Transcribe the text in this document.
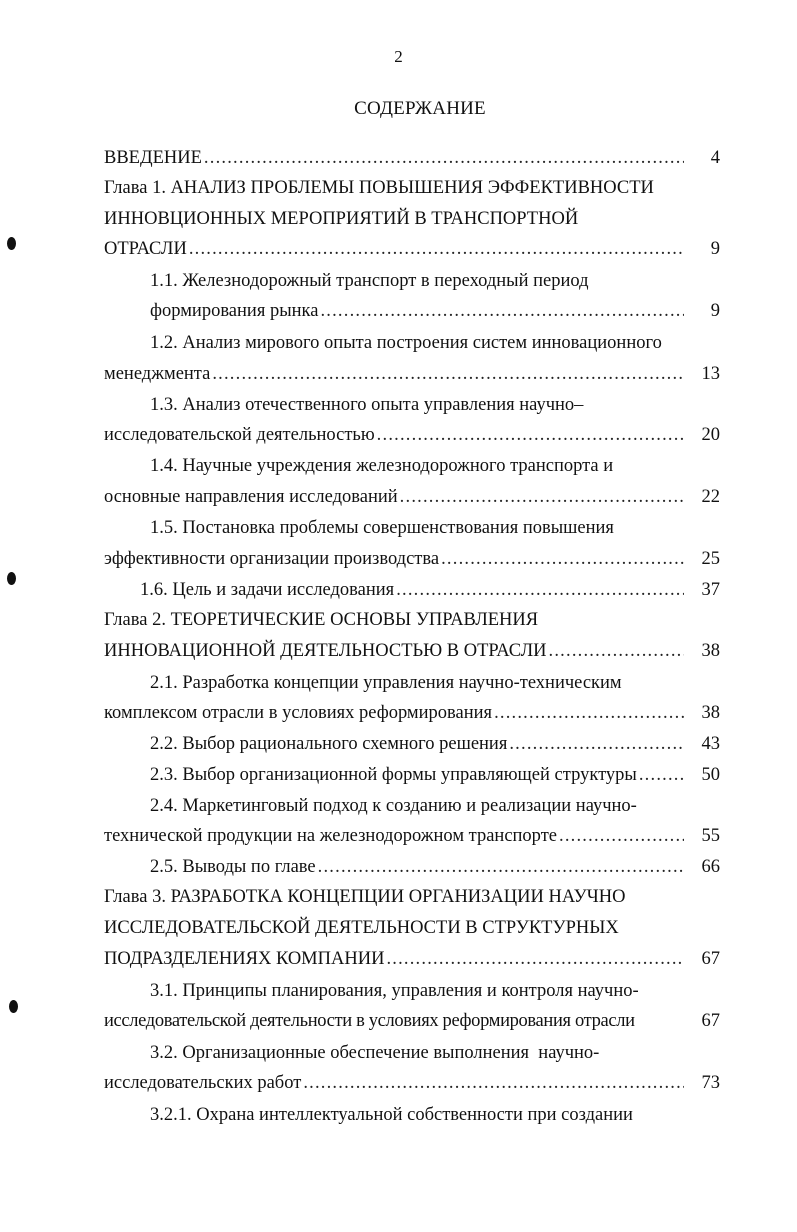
2
СОДЕРЖАНИЕ
ВВЕДЕНИЕ .....	4
Глава 1. АНАЛИЗ ПРОБЛЕМЫ ПОВЫШЕНИЯ ЭФФЕКТИВНОСТИ
ИННОВЦИОННЫХ МЕРОПРИЯТИЙ В ТРАНСПОРТНОЙ
ОТРАСЛИ .....	9
1.1. Железнодорожный транспорт в переходный период
формирования рынка .....	9
1.2. Анализ мирового опыта построения систем инновационного
менеджмента .....	13
1.3. Анализ отечественного опыта управления научно–
исследовательской деятельностью .....	20
1.4. Научные учреждения железнодорожного транспорта и
основные направления исследований .....	22
1.5. Постановка проблемы совершенствования повышения
эффективности организации производства .....	25
1.6. Цель и задачи исследования .....	37
Глава 2. ТЕОРЕТИЧЕСКИЕ ОСНОВЫ УПРАВЛЕНИЯ
ИННОВАЦИОННОЙ ДЕЯТЕЛЬНОСТЬЮ В ОТРАСЛИ .....	38
2.1. Разработка концепции управления научно-техническим
комплексом отрасли в условиях реформирования .....	38
2.2. Выбор рационального схемного решения .....	43
2.3. Выбор организационной формы управляющей структуры .....	50
2.4. Маркетинговый подход к созданию и реализации научно-
технической продукции на железнодорожном транспорте .....	55
2.5. Выводы по главе .....	66
Глава 3. РАЗРАБОТКА КОНЦЕПЦИИ ОРГАНИЗАЦИИ НАУЧНО
ИССЛЕДОВАТЕЛЬСКОЙ ДЕЯТЕЛЬНОСТИ В СТРУКТУРНЫХ
ПОДРАЗДЕЛЕНИЯХ КОМПАНИИ .....	67
3.1. Принципы планирования, управления и контроля научно-
исследовательской деятельности в условиях реформирования отрасли	67
3.2. Организационные обеспечение выполнения  научно-
исследовательских работ .....	73
3.2.1. Охрана интеллектуальной собственности при создании
